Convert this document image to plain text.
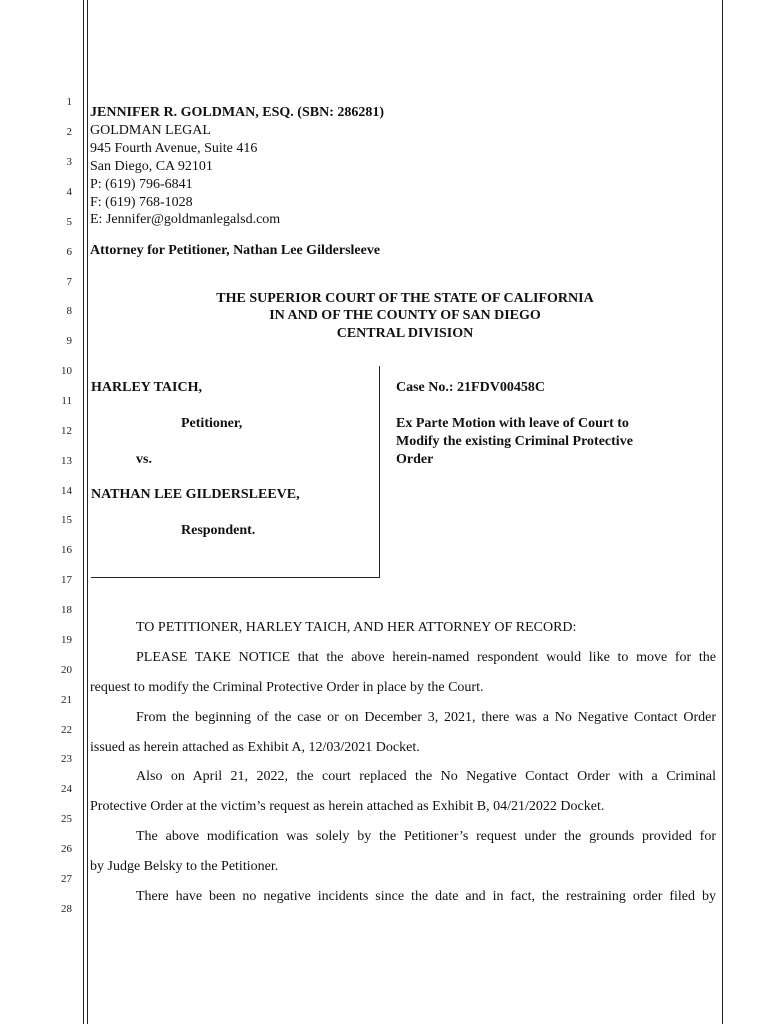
1
2
3
4
5
6
7
8
9
10
11
12
13
14
15
16
17
18
19
20
21
22
23
24
25
26
27
28
JENNIFER R. GOLDMAN, ESQ. (SBN: 286281)
GOLDMAN LEGAL
945 Fourth Avenue, Suite 416
San Diego, CA 92101
P: (619) 796-6841
F: (619) 768-1028
E: Jennifer@goldmanlegalsd.com
Attorney for Petitioner, Nathan Lee Gildersleeve
THE SUPERIOR COURT OF THE STATE OF CALIFORNIA
IN AND OF THE COUNTY OF SAN DIEGO
CENTRAL DIVISION
HARLEY TAICH,
Petitioner,
vs.
NATHAN LEE GILDERSLEEVE,
Respondent.
Case No.: 21FDV00458C
Ex Parte Motion with leave of Court to
Modify the existing Criminal Protective
Order
TO PETITIONER, HARLEY TAICH, AND HER ATTORNEY OF RECORD:
PLEASE TAKE NOTICE that the above herein-named respondent would like to move for the
request to modify the Criminal Protective Order in place by the Court.
From the beginning of the case or on December 3, 2021, there was a No Negative Contact Order
issued as herein attached as Exhibit A, 12/03/2021 Docket.
Also on April 21, 2022, the court replaced the No Negative Contact Order with a Criminal
Protective Order at the victim’s request as herein attached as Exhibit B, 04/21/2022 Docket.
The above modification was solely by the Petitioner’s request under the grounds provided for
by Judge Belsky to the Petitioner.
There have been no negative incidents since the date and in fact, the restraining order filed by
